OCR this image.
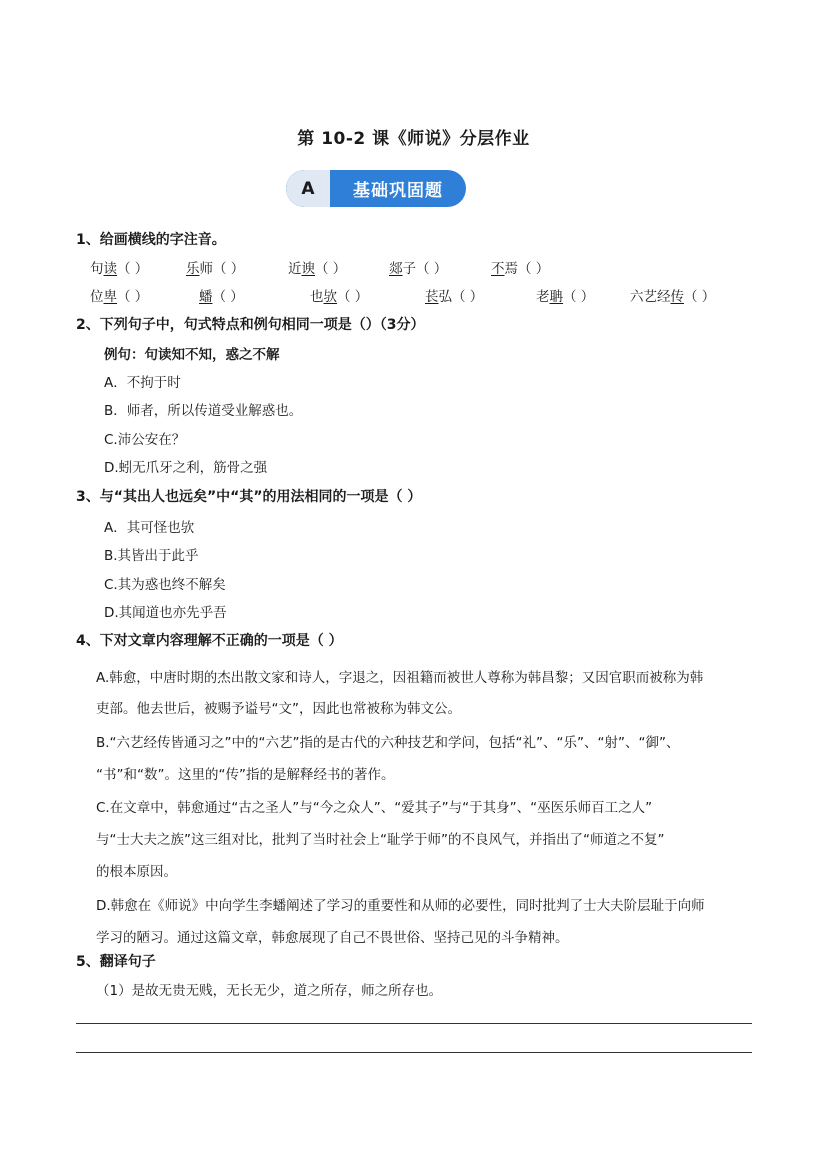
第 10-2 课《师说》分层作业
A	基础巩固题
1、给画横线的字注音。
句读（ ）	乐师（ ）	近谀（ ）	郯子（ ）	不焉（ ）
位卑（ ）	蟠（ ）	也欤（ ）	苌弘（ ）	老聃（ ）	六艺经传（ ）
2、下列句子中，句式特点和例句相同一项是（）（3分）
例句：句读知不知，惑之不解
A．不拘于时
B．师者，所以传道受业解惑也。
C.沛公安在？
D.蚓无爪牙之利，筋骨之强
3、与“其出人也远矣”中“其”的用法相同的一项是（ ）
A．其可怪也欤
B.其皆出于此乎
C.其为惑也终不解矣
D.其闻道也亦先乎吾
4、下对文章内容理解不正确的一项是（ ）
A.韩愈，中唐时期的杰出散文家和诗人，字退之，因祖籍而被世人尊称为韩昌黎；又因官职而被称为韩
吏部。他去世后，被赐予谥号“文”，因此也常被称为韩文公。
B.“六艺经传皆通习之”中的“六艺”指的是古代的六种技艺和学问，包括“礼”、“乐”、“射”、“御”、
“书”和“数”。这里的“传”指的是解释经书的著作。
C.在文章中，韩愈通过“古之圣人”与“今之众人”、“爱其子”与“于其身”、“巫医乐师百工之人”
与“士大夫之族”这三组对比，批判了当时社会上“耻学于师”的不良风气，并指出了“师道之不复”
的根本原因。
D.韩愈在《师说》中向学生李蟠阐述了学习的重要性和从师的必要性，同时批判了士大夫阶层耻于向师
学习的陋习。通过这篇文章，韩愈展现了自己不畏世俗、坚持己见的斗争精神。
5、翻译句子
（1）是故无贵无贱，无长无少，道之所存，师之所存也。
